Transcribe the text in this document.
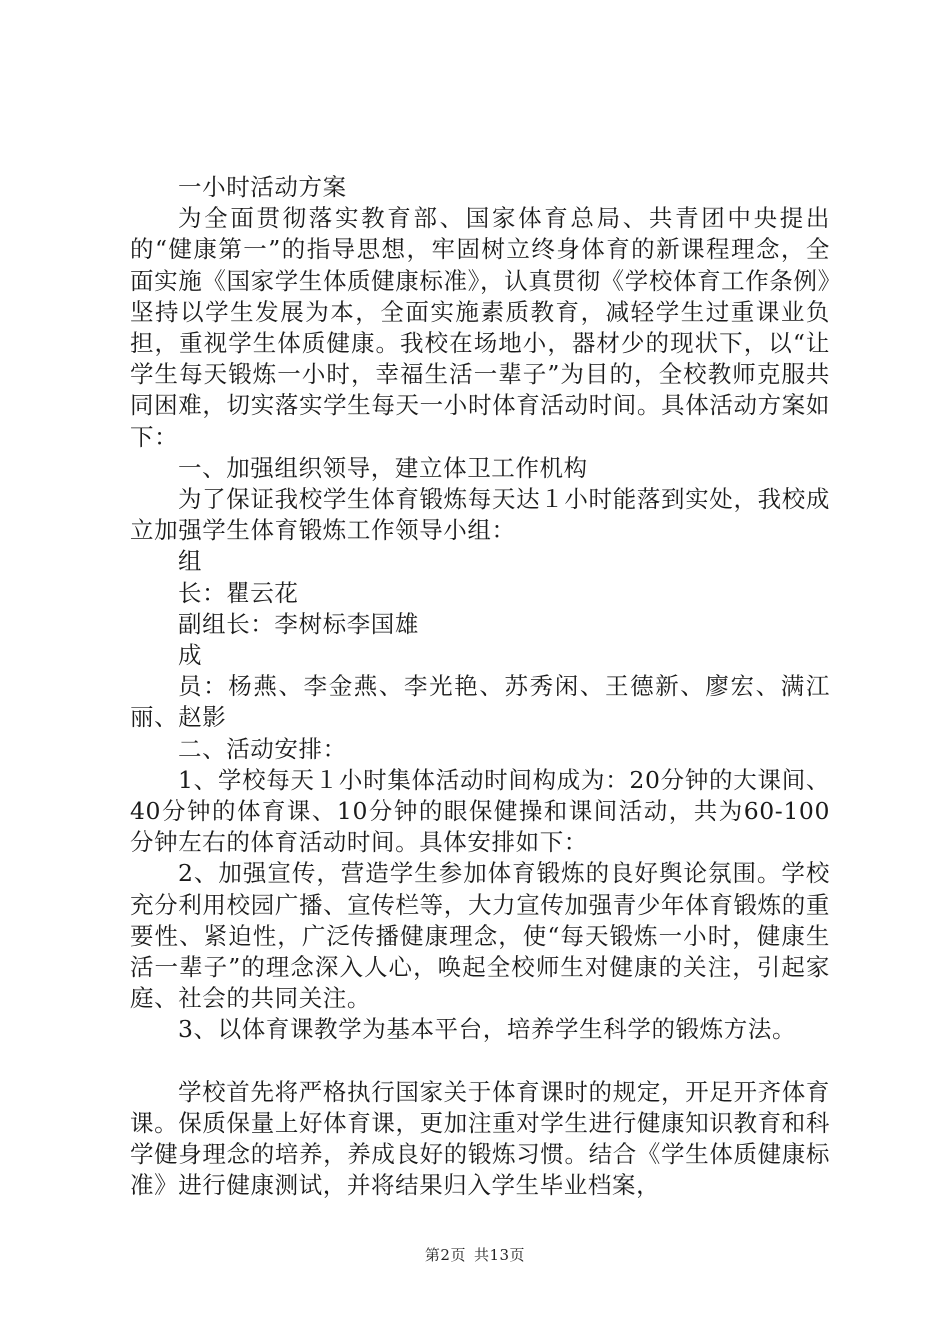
一小时活动方案

为全面贯彻落实教育部、国家体育总局、共青团中央提出的“健康第一”的指导思想，牢固树立终身体育的新课程理念，全面实施《国家学生体质健康标准》，认真贯彻《学校体育工作条例》坚持以学生发展为本，全面实施素质教育，减轻学生过重课业负担，重视学生体质健康。我校在场地小，器材少的现状下，以“让学生每天锻炼一小时，幸福生活一辈子”为目的，全校教师克服共同困难，切实落实学生每天一小时体育活动时间。具体活动方案如下：

一、加强组织领导，建立体卫工作机构

为了保证我校学生体育锻炼每天达１小时能落到实处，我校成立加强学生体育锻炼工作领导小组：

组

长：瞿云花

副组长：李树标李国雄

成

员：杨燕、李金燕、李光艳、苏秀闲、王德新、廖宏、满江丽、赵影

二、活动安排：

1、学校每天１小时集体活动时间构成为：20分钟的大课间、40分钟的体育课、10分钟的眼保健操和课间活动，共为60-100分钟左右的体育活动时间。具体安排如下：

2、加强宣传，营造学生参加体育锻炼的良好舆论氛围。学校充分利用校园广播、宣传栏等，大力宣传加强青少年体育锻炼的重要性、紧迫性，广泛传播健康理念，使“每天锻炼一小时，健康生活一辈子”的理念深入人心，唤起全校师生对健康的关注，引起家庭、社会的共同关注。

3、以体育课教学为基本平台，培养学生科学的锻炼方法。

学校首先将严格执行国家关于体育课时的规定，开足开齐体育课。保质保量上好体育课，更加注重对学生进行健康知识教育和科学健身理念的培养，养成良好的锻炼习惯。结合《学生体质健康标准》进行健康测试，并将结果归入学生毕业档案，

第2页 共13页
